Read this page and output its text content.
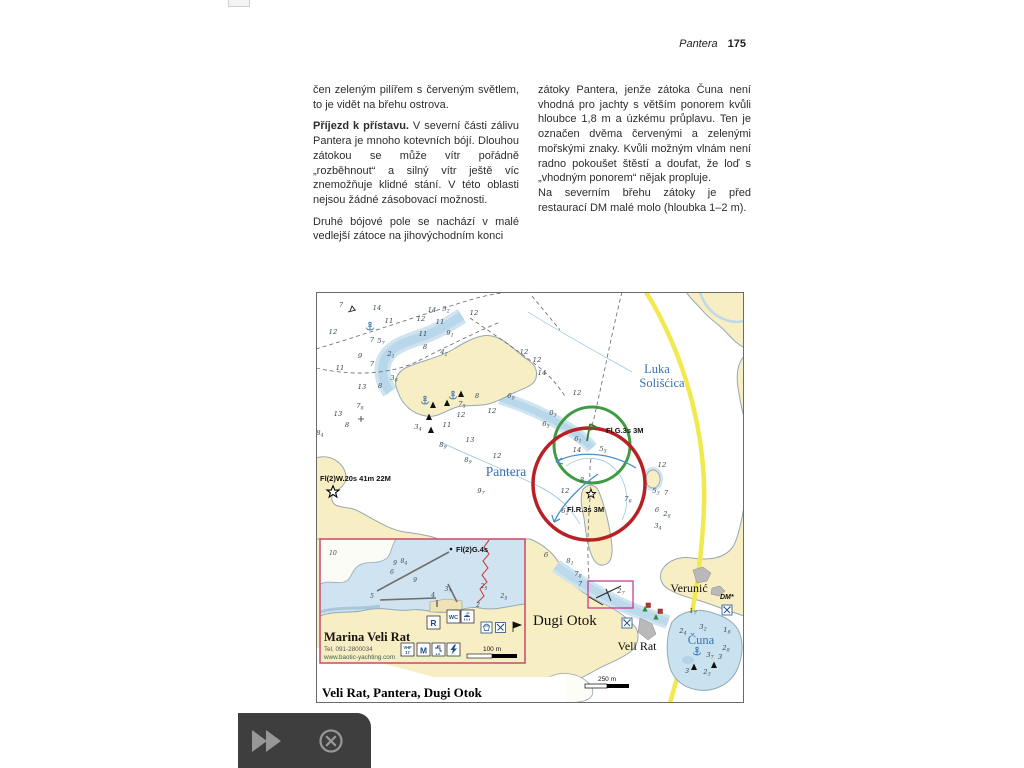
Pantera 175

čen zeleným pilířem s červeným světlem, to je vidět na břehu ostrova.

Příjezd k přístavu. V severní části zálivu Pantera je mnoho kotevních bójí. Dlouhou zátokou se může vítr pořádně „rozběhnout“ a silný vítr ještě víc znemožňuje klidné stání. V této oblasti nejsou žádné zásobovací možnosti.

Druhé bójové pole se nachází v malé vedlejší zátoce na jihovýchodním konci

zátoky Pantera, jenže zátoka Čuna není vhodná pro jachty s větším ponorem kvůli hloubce 1,8 m a úzkému průplavu. Ten je označen dvěma červenými a zelenými mořskými znaky. Kvůli možným vlnám není radno pokoušet štěstí a doufat, že loď s „vhodným ponorem“ nějak propluje.

Na severním břehu zátoky je před restaurací DM malé molo (hloubka 1–2 m).

7	14	14 $5_2$	12
11	12 11
12	11	$9_1$
7 $5_7$	8
$4_2$	12
9	$2_1$
7
11
$3_8$
13 8
8	$6_9$
$7_8$
$7_5$
12	12
13
8	11
$8_4$
$3_4$
13
$8_9$
12
$8_9$
$9_7$
12
14
12
$0_3$
$6_5$
$6_1$
14	$5_5$
12
8
12
$7_6$
$5_3$ 7
$6_2$
6 $2_8$
$3_4$
6
$8_1$
$7_8$
7
$2_7$
$1_7$
$2_4$
$3_2$ $1_8$
$2_8$
$3_7$ 3
3 $2_3$
10
9 $8_4$
6
9
5
$3_7$
4
$2_5$
$2_5$
2
Luka
Solišćica
Pantera
Čuna
Dugi Otok
Verunić
Veli Rat
DM*
Fl(2)W.20s 41m 22M
Fl.G.3s 3M
Fl.R.3s 3M
Fl(2)G.4s
250 m
100 m
Marina Veli Rat
Tel. 091-2800034
www.baotic-yachting.com
Veli Rat, Pantera, Dugi Otok
R WC
M
VHF
17
